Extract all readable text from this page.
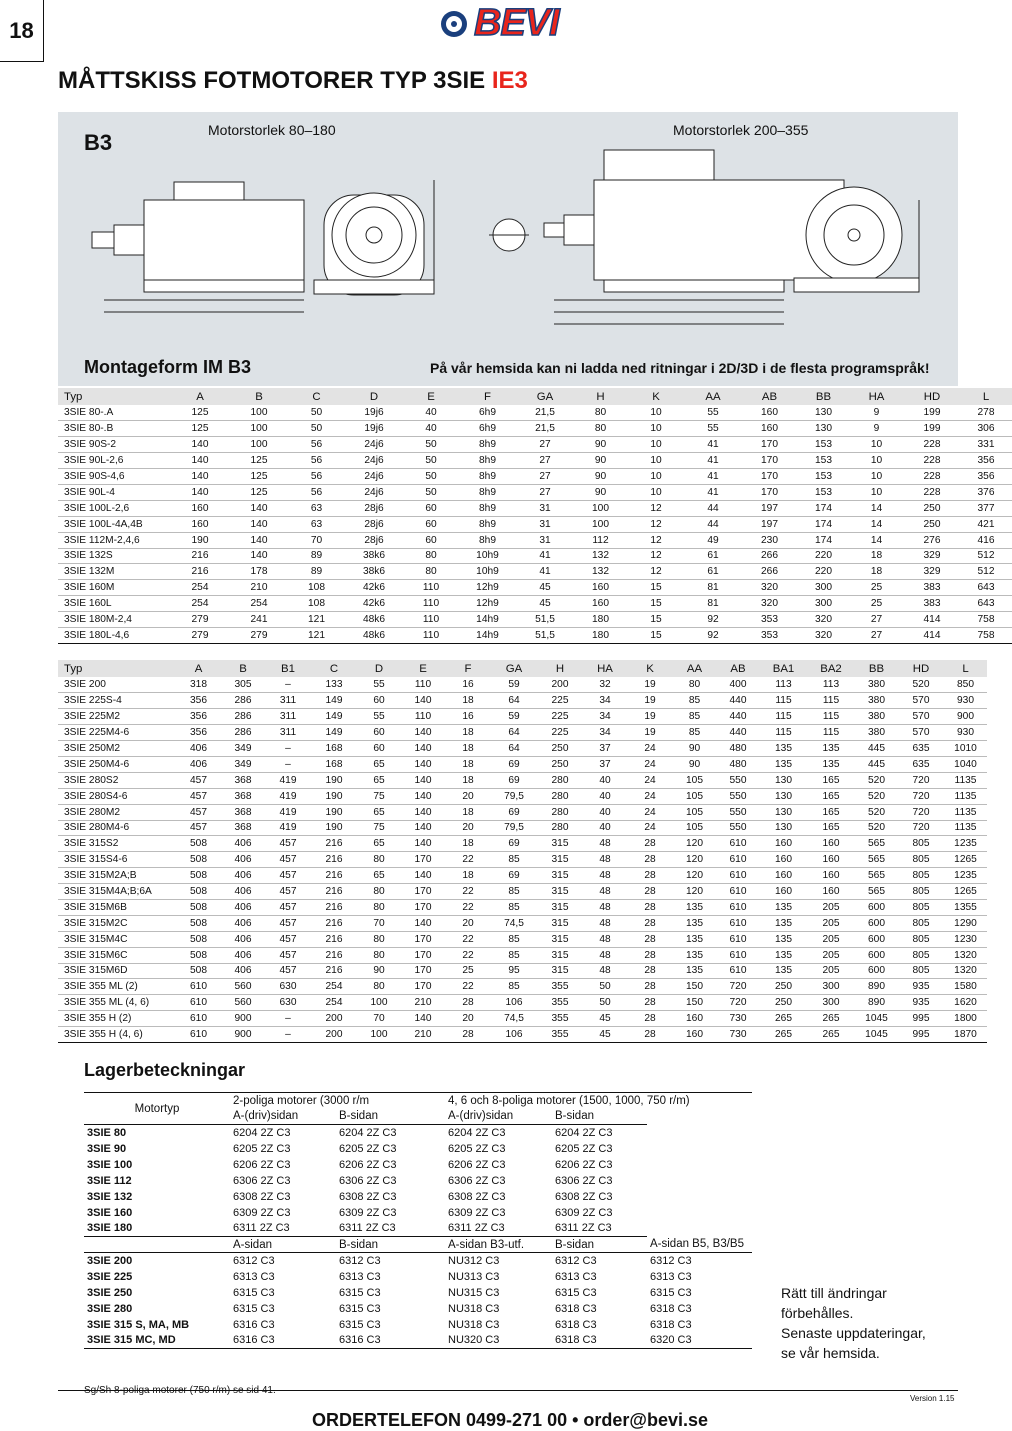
18	BEVI
MÅTTSKISS FOTMOTORER TYP 3SIE IE3
B3	Motorstorlek 80–180	Motorstorlek 200–355
Montageform IM B3	På vår hemsida kan ni ladda ned ritningar i 2D/3D i de flesta programspråk!
Typ	A	B	C	D	E	F	GA	H	K	AA	AB	BB	HA	HD	L
3SIE 80-.A	125	100	50	19j6	40	6h9	21,5	80	10	55	160	130	9	199	278
3SIE 80-.B	125	100	50	19j6	40	6h9	21,5	80	10	55	160	130	9	199	306
3SIE 90S-2	140	100	56	24j6	50	8h9	27	90	10	41	170	153	10	228	331
3SIE 90L-2,6	140	125	56	24j6	50	8h9	27	90	10	41	170	153	10	228	356
3SIE 90S-4,6	140	125	56	24j6	50	8h9	27	90	10	41	170	153	10	228	356
3SIE 90L-4	140	125	56	24j6	50	8h9	27	90	10	41	170	153	10	228	376
3SIE 100L-2,6	160	140	63	28j6	60	8h9	31	100	12	44	197	174	14	250	377
3SIE 100L-4A,4B	160	140	63	28j6	60	8h9	31	100	12	44	197	174	14	250	421
3SIE 112M-2,4,6	190	140	70	28j6	60	8h9	31	112	12	49	230	174	14	276	416
3SIE 132S	216	140	89	38k6	80	10h9	41	132	12	61	266	220	18	329	512
3SIE 132M	216	178	89	38k6	80	10h9	41	132	12	61	266	220	18	329	512
3SIE 160M	254	210	108	42k6	110	12h9	45	160	15	81	320	300	25	383	643
3SIE 160L	254	254	108	42k6	110	12h9	45	160	15	81	320	300	25	383	643
3SIE 180M-2,4	279	241	121	48k6	110	14h9	51,5	180	15	92	353	320	27	414	758
3SIE 180L-4,6	279	279	121	48k6	110	14h9	51,5	180	15	92	353	320	27	414	758
Typ	A	B	B1	C	D	E	F	GA	H	HA	K	AA	AB	BA1	BA2	BB	HD	L
3SIE 200	318	305	–	133	55	110	16	59	200	32	19	80	400	113	113	380	520	850
3SIE 225S-4	356	286	311	149	60	140	18	64	225	34	19	85	440	115	115	380	570	930
3SIE 225M2	356	286	311	149	55	110	16	59	225	34	19	85	440	115	115	380	570	900
3SIE 225M4-6	356	286	311	149	60	140	18	64	225	34	19	85	440	115	115	380	570	930
3SIE 250M2	406	349	–	168	60	140	18	64	250	37	24	90	480	135	135	445	635	1010
3SIE 250M4-6	406	349	–	168	65	140	18	69	250	37	24	90	480	135	135	445	635	1040
3SIE 280S2	457	368	419	190	65	140	18	69	280	40	24	105	550	130	165	520	720	1135
3SIE 280S4-6	457	368	419	190	75	140	20	79,5	280	40	24	105	550	130	165	520	720	1135
3SIE 280M2	457	368	419	190	65	140	18	69	280	40	24	105	550	130	165	520	720	1135
3SIE 280M4-6	457	368	419	190	75	140	20	79,5	280	40	24	105	550	130	165	520	720	1135
3SIE 315S2	508	406	457	216	65	140	18	69	315	48	28	120	610	160	160	565	805	1235
3SIE 315S4-6	508	406	457	216	80	170	22	85	315	48	28	120	610	160	160	565	805	1265
3SIE 315M2A;B	508	406	457	216	65	140	18	69	315	48	28	120	610	160	160	565	805	1235
3SIE 315M4A;B;6A	508	406	457	216	80	170	22	85	315	48	28	120	610	160	160	565	805	1265
3SIE 315M6B	508	406	457	216	80	170	22	85	315	48	28	135	610	135	205	600	805	1355
3SIE 315M2C	508	406	457	216	70	140	20	74,5	315	48	28	135	610	135	205	600	805	1290
3SIE 315M4C	508	406	457	216	80	170	22	85	315	48	28	135	610	135	205	600	805	1230
3SIE 315M6C	508	406	457	216	80	170	22	85	315	48	28	135	610	135	205	600	805	1320
3SIE 315M6D	508	406	457	216	90	170	25	95	315	48	28	135	610	135	205	600	805	1320
3SIE 355 ML (2)	610	560	630	254	80	170	22	85	355	50	28	150	720	250	300	890	935	1580
3SIE 355 ML (4, 6)	610	560	630	254	100	210	28	106	355	50	28	150	720	250	300	890	935	1620
3SIE 355 H (2)	610	900	–	200	70	140	20	74,5	355	45	28	160	730	265	265	1045	995	1800
3SIE 355 H (4, 6)	610	900	–	200	100	210	28	106	355	45	28	160	730	265	265	1045	995	1870
Lagerbeteckningar
Motortyp	2-poliga motorer (3000 r/m		4, 6 och 8-poliga motorer (1500, 1000, 750 r/m)		
	A-(driv)sidan	B-sidan	A-(driv)sidan	B-sidan	
3SIE 80	6204 2Z C3	6204 2Z C3	6204 2Z C3	6204 2Z C3	
3SIE 90	6205 2Z C3	6205 2Z C3	6205 2Z C3	6205 2Z C3	
3SIE 100	6206 2Z C3	6206 2Z C3	6206 2Z C3	6206 2Z C3	
3SIE 112	6306 2Z C3	6306 2Z C3	6306 2Z C3	6306 2Z C3	
3SIE 132	6308 2Z C3	6308 2Z C3	6308 2Z C3	6308 2Z C3	
3SIE 160	6309 2Z C3	6309 2Z C3	6309 2Z C3	6309 2Z C3	
3SIE 180	6311 2Z C3	6311 2Z C3	6311 2Z C3	6311 2Z C3	
	A-sidan	B-sidan	A-sidan B3-utf.	B-sidan	A-sidan B5, B3/B5
3SIE 200	6312 C3	6312 C3	NU312 C3	6312 C3	6312 C3
3SIE 225	6313 C3	6313 C3	NU313 C3	6313 C3	6313 C3
3SIE 250	6315 C3	6315 C3	NU315 C3	6315 C3	6315 C3
3SIE 280	6315 C3	6315 C3	NU318 C3	6318 C3	6318 C3
3SIE 315 S, MA, MB	6316 C3	6315 C3	NU318 C3	6318 C3	6318 C3
3SIE 315 MC, MD	6316 C3	6316 C3	NU320 C3	6318 C3	6320 C3
Sg/Sh 8-poliga motorer (750 r/m) se sid 41.
Rätt till ändringar
förbehålles.
Senaste uppdateringar,
se vår hemsida.
Version 1.15
ORDERTELEFON 0499-271 00 • order@bevi.se
